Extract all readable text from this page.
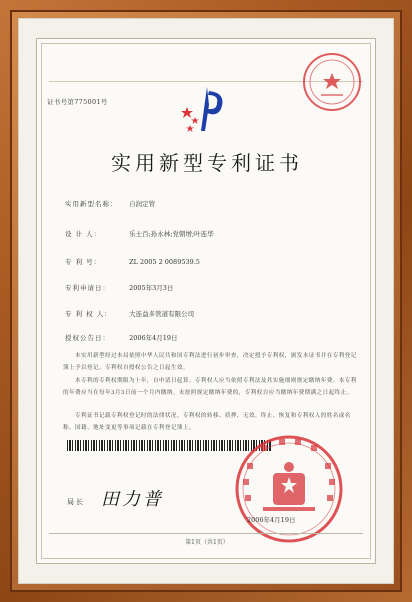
证书号第775001号
实用新型专利证书
实用新型名称： 自润定管
设 计 人：	乐士百;孙永林;党朝增;叶连华
专 利 号：	ZL 2005 2 0089539.5
专利申请日：	2005年3月3日
专 利 权 人：	大连益多管道有限公司
授权公告日：	2006年4月19日
本实用新型经过本局依照中华人民共和国专利法进行初步审查，决定授予专利权，颁发本证书并在专利登记簿上予以登记。专利权自授权公告之日起生效。
本专利的专利权期限为十年，自申请日起算。专利权人应当依照专利法及其实施细则规定缴纳年费。本专利的年费应当在每年3月3日前一个月内缴纳。未按照规定缴纳年费的，专利权自应当缴纳年费期满之日起终止。
专利证书记载专利权登记时的法律状况。专利权的转移、质押、无效、终止、恢复和专利权人的姓名或名称、国籍、地址变更等事项记载在专利登记簿上。
局长 田力普
2006年4月19日
第1页（共1页）
